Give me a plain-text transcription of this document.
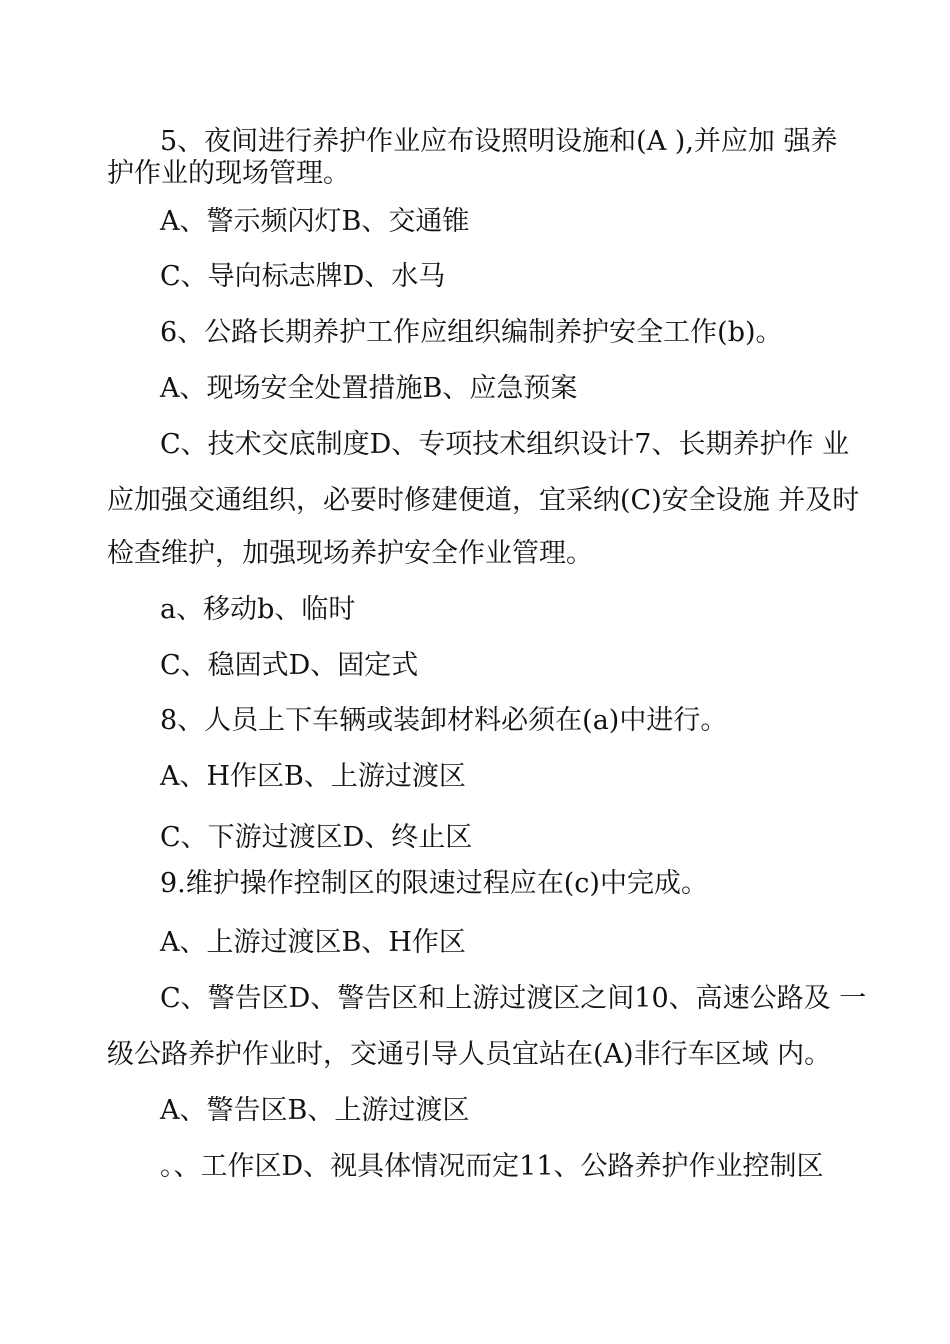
5、夜间进行养护作业应布设照明设施和(A ),并应加 强养
护作业的现场管理。
A、警示频闪灯B、交通锥
C、导向标志牌D、水马
6、公路长期养护工作应组织编制养护安全工作(b)。
A、现场安全处置措施B、应急预案
C、技术交底制度D、专项技术组织设计7、长期养护作 业
应加强交通组织，必要时修建便道，宜采纳(C)安全设施 并及时
检查维护，加强现场养护安全作业管理。
a、移动b、临时
C、稳固式D、固定式
8、人员上下车辆或装卸材料必须在(a)中进行。
A、H作区B、上游过渡区
C、下游过渡区D、终止区
9.维护操作控制区的限速过程应在(c)中完成。
A、上游过渡区B、H作区
C、警告区D、警告区和上游过渡区之间10、高速公路及 一
级公路养护作业时，交通引导人员宜站在(A)非行车区域 内。
A、警告区B、上游过渡区
。、工作区D、视具体情况而定11、公路养护作业控制区
